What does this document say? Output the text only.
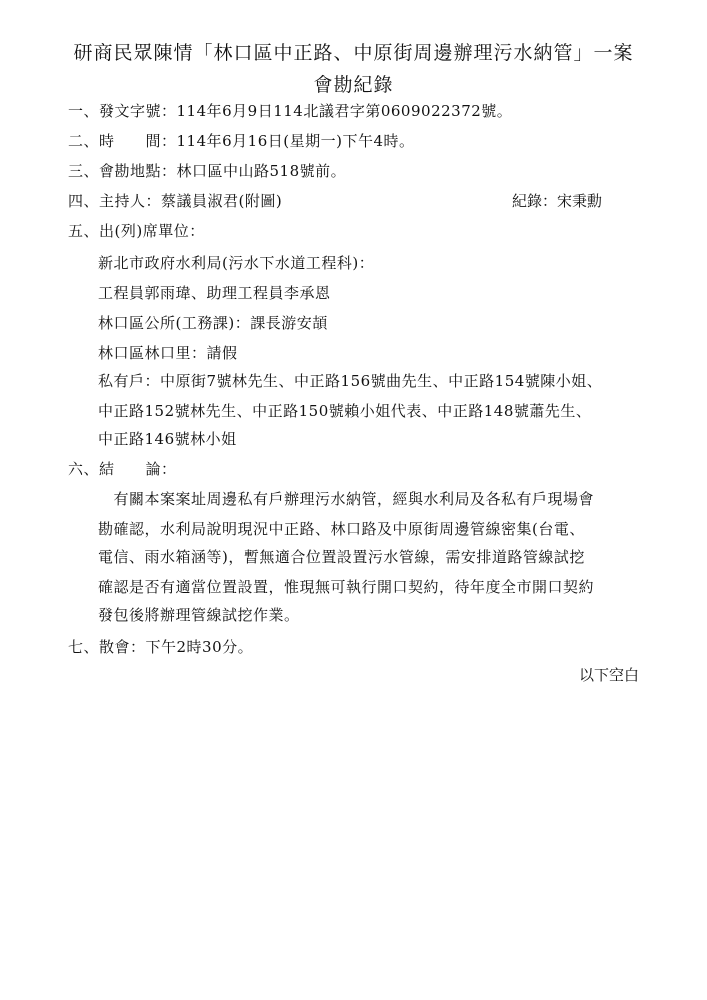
研商民眾陳情「林口區中正路、中原街周邊辦理污水納管」一案
會勘紀錄
一、發文字號：114年6月9日114北議君字第0609022372號。
二、時　　間：114年6月16日(星期一)下午4時。
三、會勘地點：林口區中山路518號前。
四、主持人：蔡議員淑君(附圖)	紀錄：宋秉勳
五、出(列)席單位：
新北市政府水利局(污水下水道工程科)：
工程員郭雨瑋、助理工程員李承恩
林口區公所(工務課)：課長游安頡
林口區林口里：請假
私有戶：中原街7號林先生、中正路156號曲先生、中正路154號陳小姐、
中正路152號林先生、中正路150號賴小姐代表、中正路148號蕭先生、
中正路146號林小姐
六、結　　論：
　有關本案案址周邊私有戶辦理污水納管，經與水利局及各私有戶現場會
勘確認，水利局說明現況中正路、林口路及中原街周邊管線密集(台電、
電信、雨水箱涵等)，暫無適合位置設置污水管線，需安排道路管線試挖
確認是否有適當位置設置，惟現無可執行開口契約，待年度全市開口契約
發包後將辦理管線試挖作業。
七、散會：下午2時30分。
以下空白
